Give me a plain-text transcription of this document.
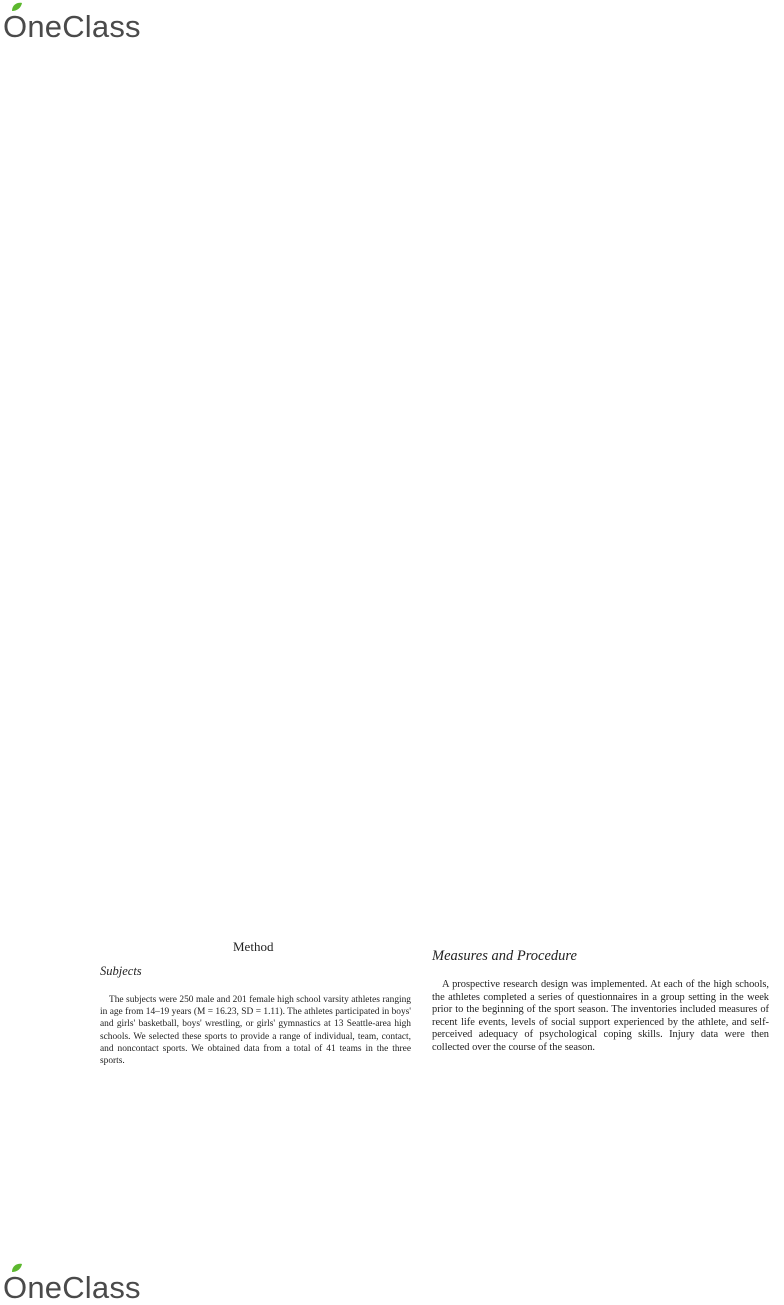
O neClass
Method
Subjects

The subjects were 250 male and 201 female high school varsity athletes ranging in age from 14–19 years (M = 16.23, SD = 1.11). The athletes participated in boys' and girls' basketball, boys' wrestling, or girls' gymnastics at 13 Seattle-area high schools. We selected these sports to provide a range of individual, team, contact, and noncontact sports. We obtained data from a total of 41 teams in the three sports.

Measures and Procedure

A prospective research design was implemented. At each of the high schools, the athletes completed a series of questionnaires in a group setting in the week prior to the beginning of the sport season. The inventories included measures of recent life events, levels of social support experienced by the athlete, and self-perceived adequacy of psychological coping skills. Injury data were then collected over the course of the season.

O neClass
